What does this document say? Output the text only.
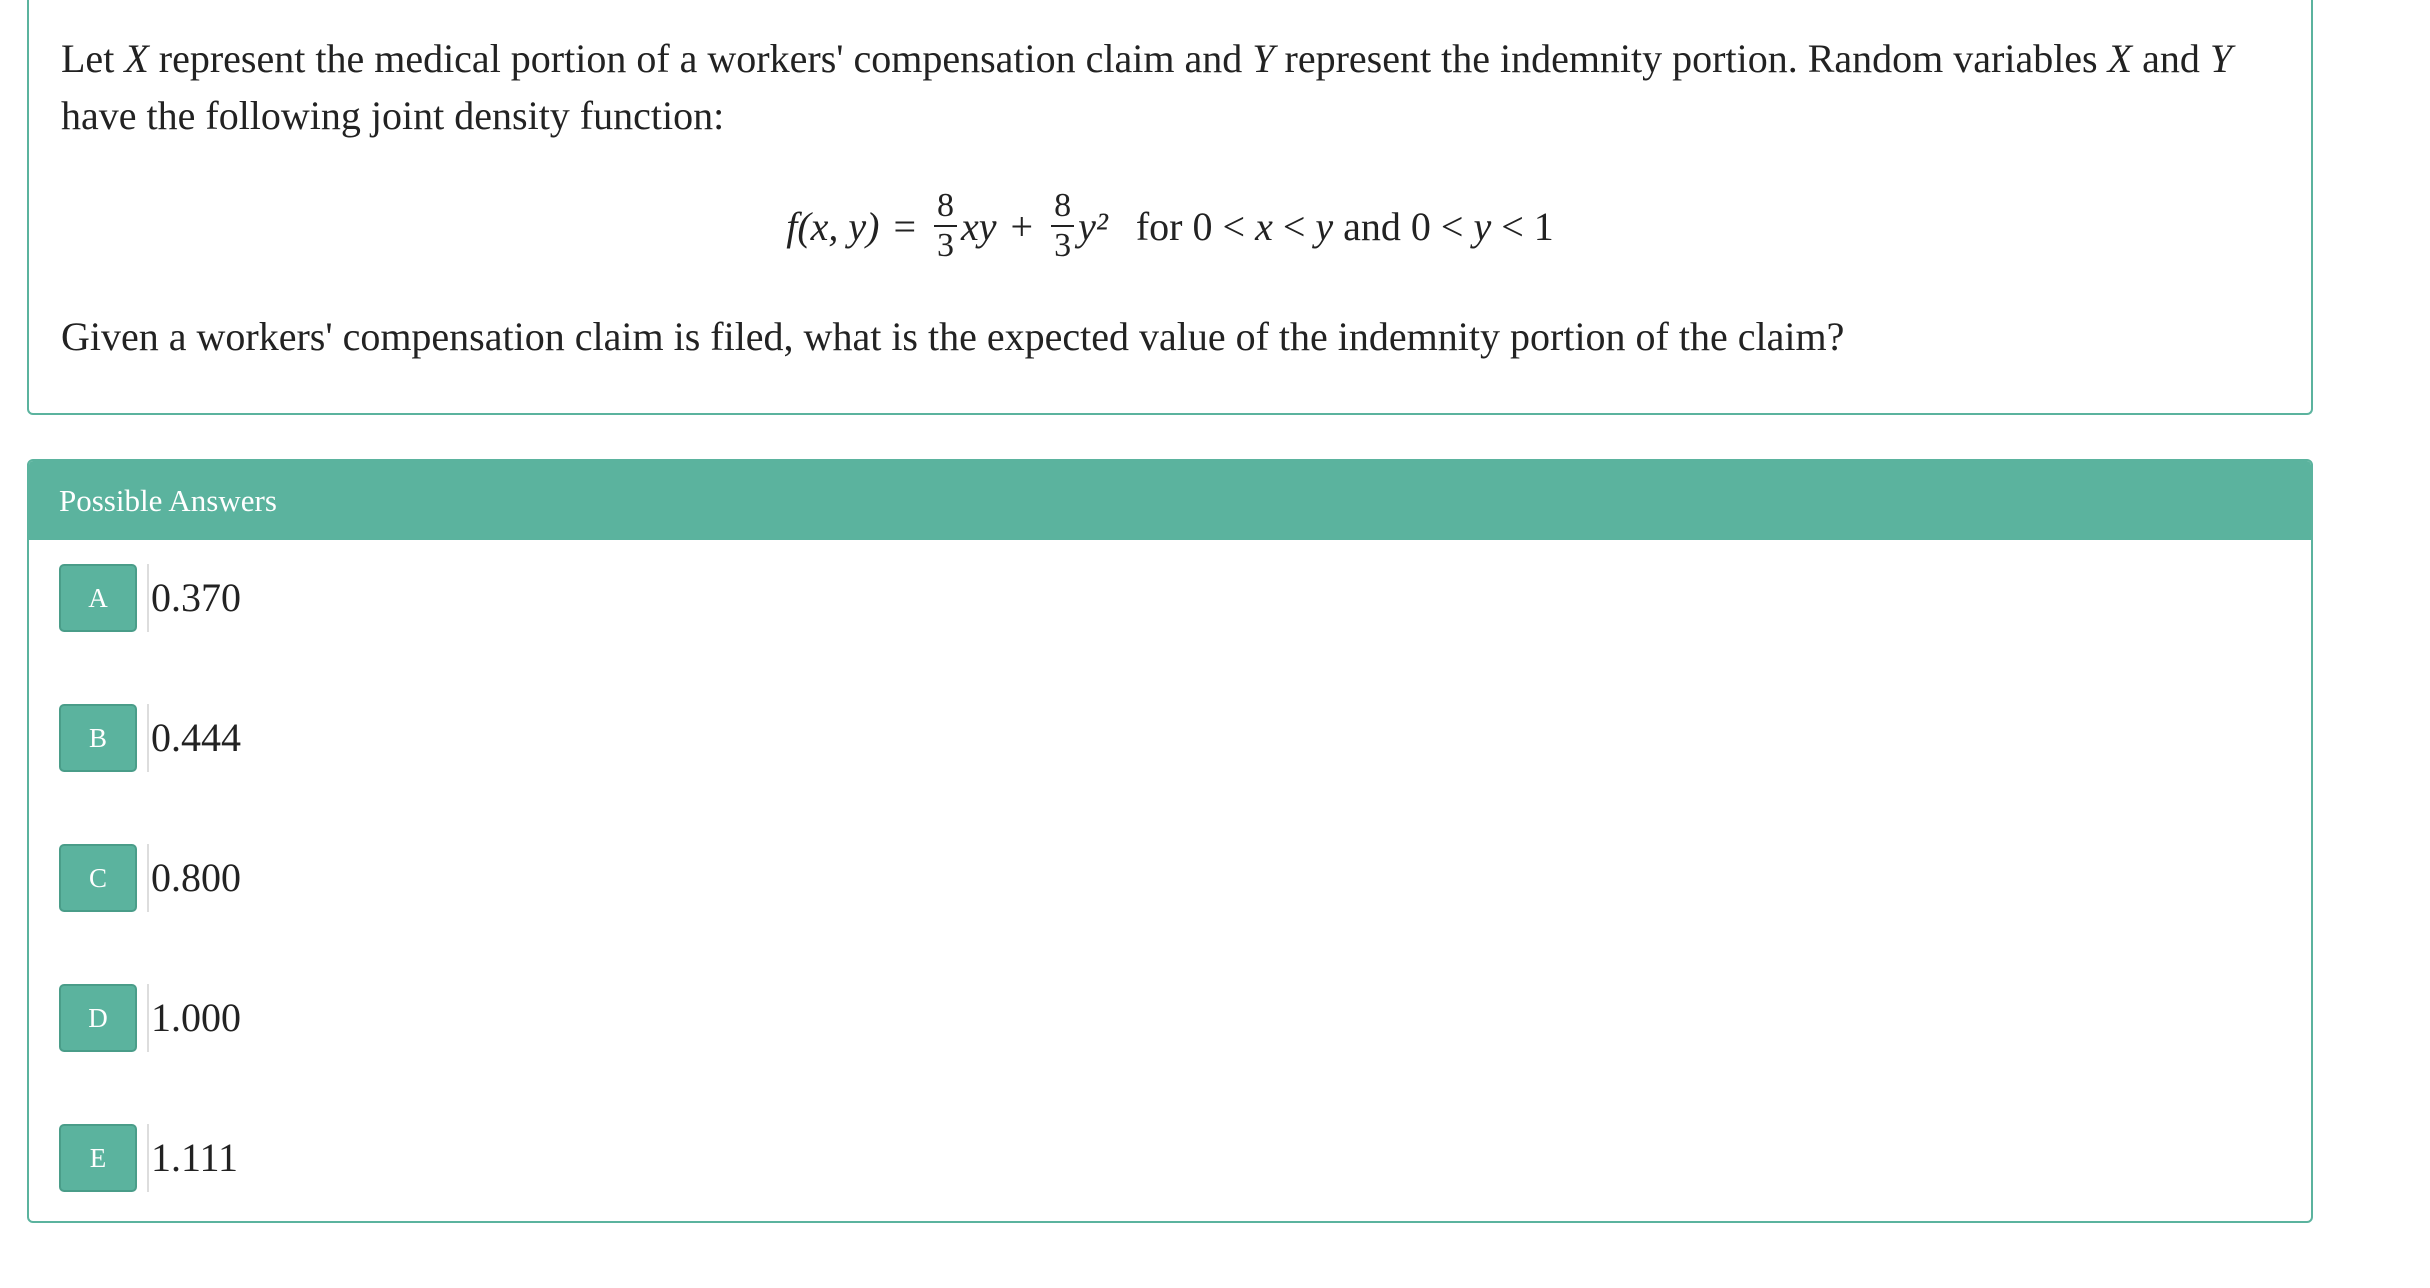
Let X represent the medical portion of a workers' compensation claim and Y represent the indemnity portion. Random variables X and Y
have the following joint density function:

f(x, $y) = \frac{8}{3}$ xy + $\frac{8}{3} y^2$ for 0 < x < y and 0 < y < 1

Given a workers' compensation claim is filed, what is the expected value of the indemnity portion of the claim?

Possible Answers
A	0.370
B	0.444
C	0.800
D	1.000
E	1.111
